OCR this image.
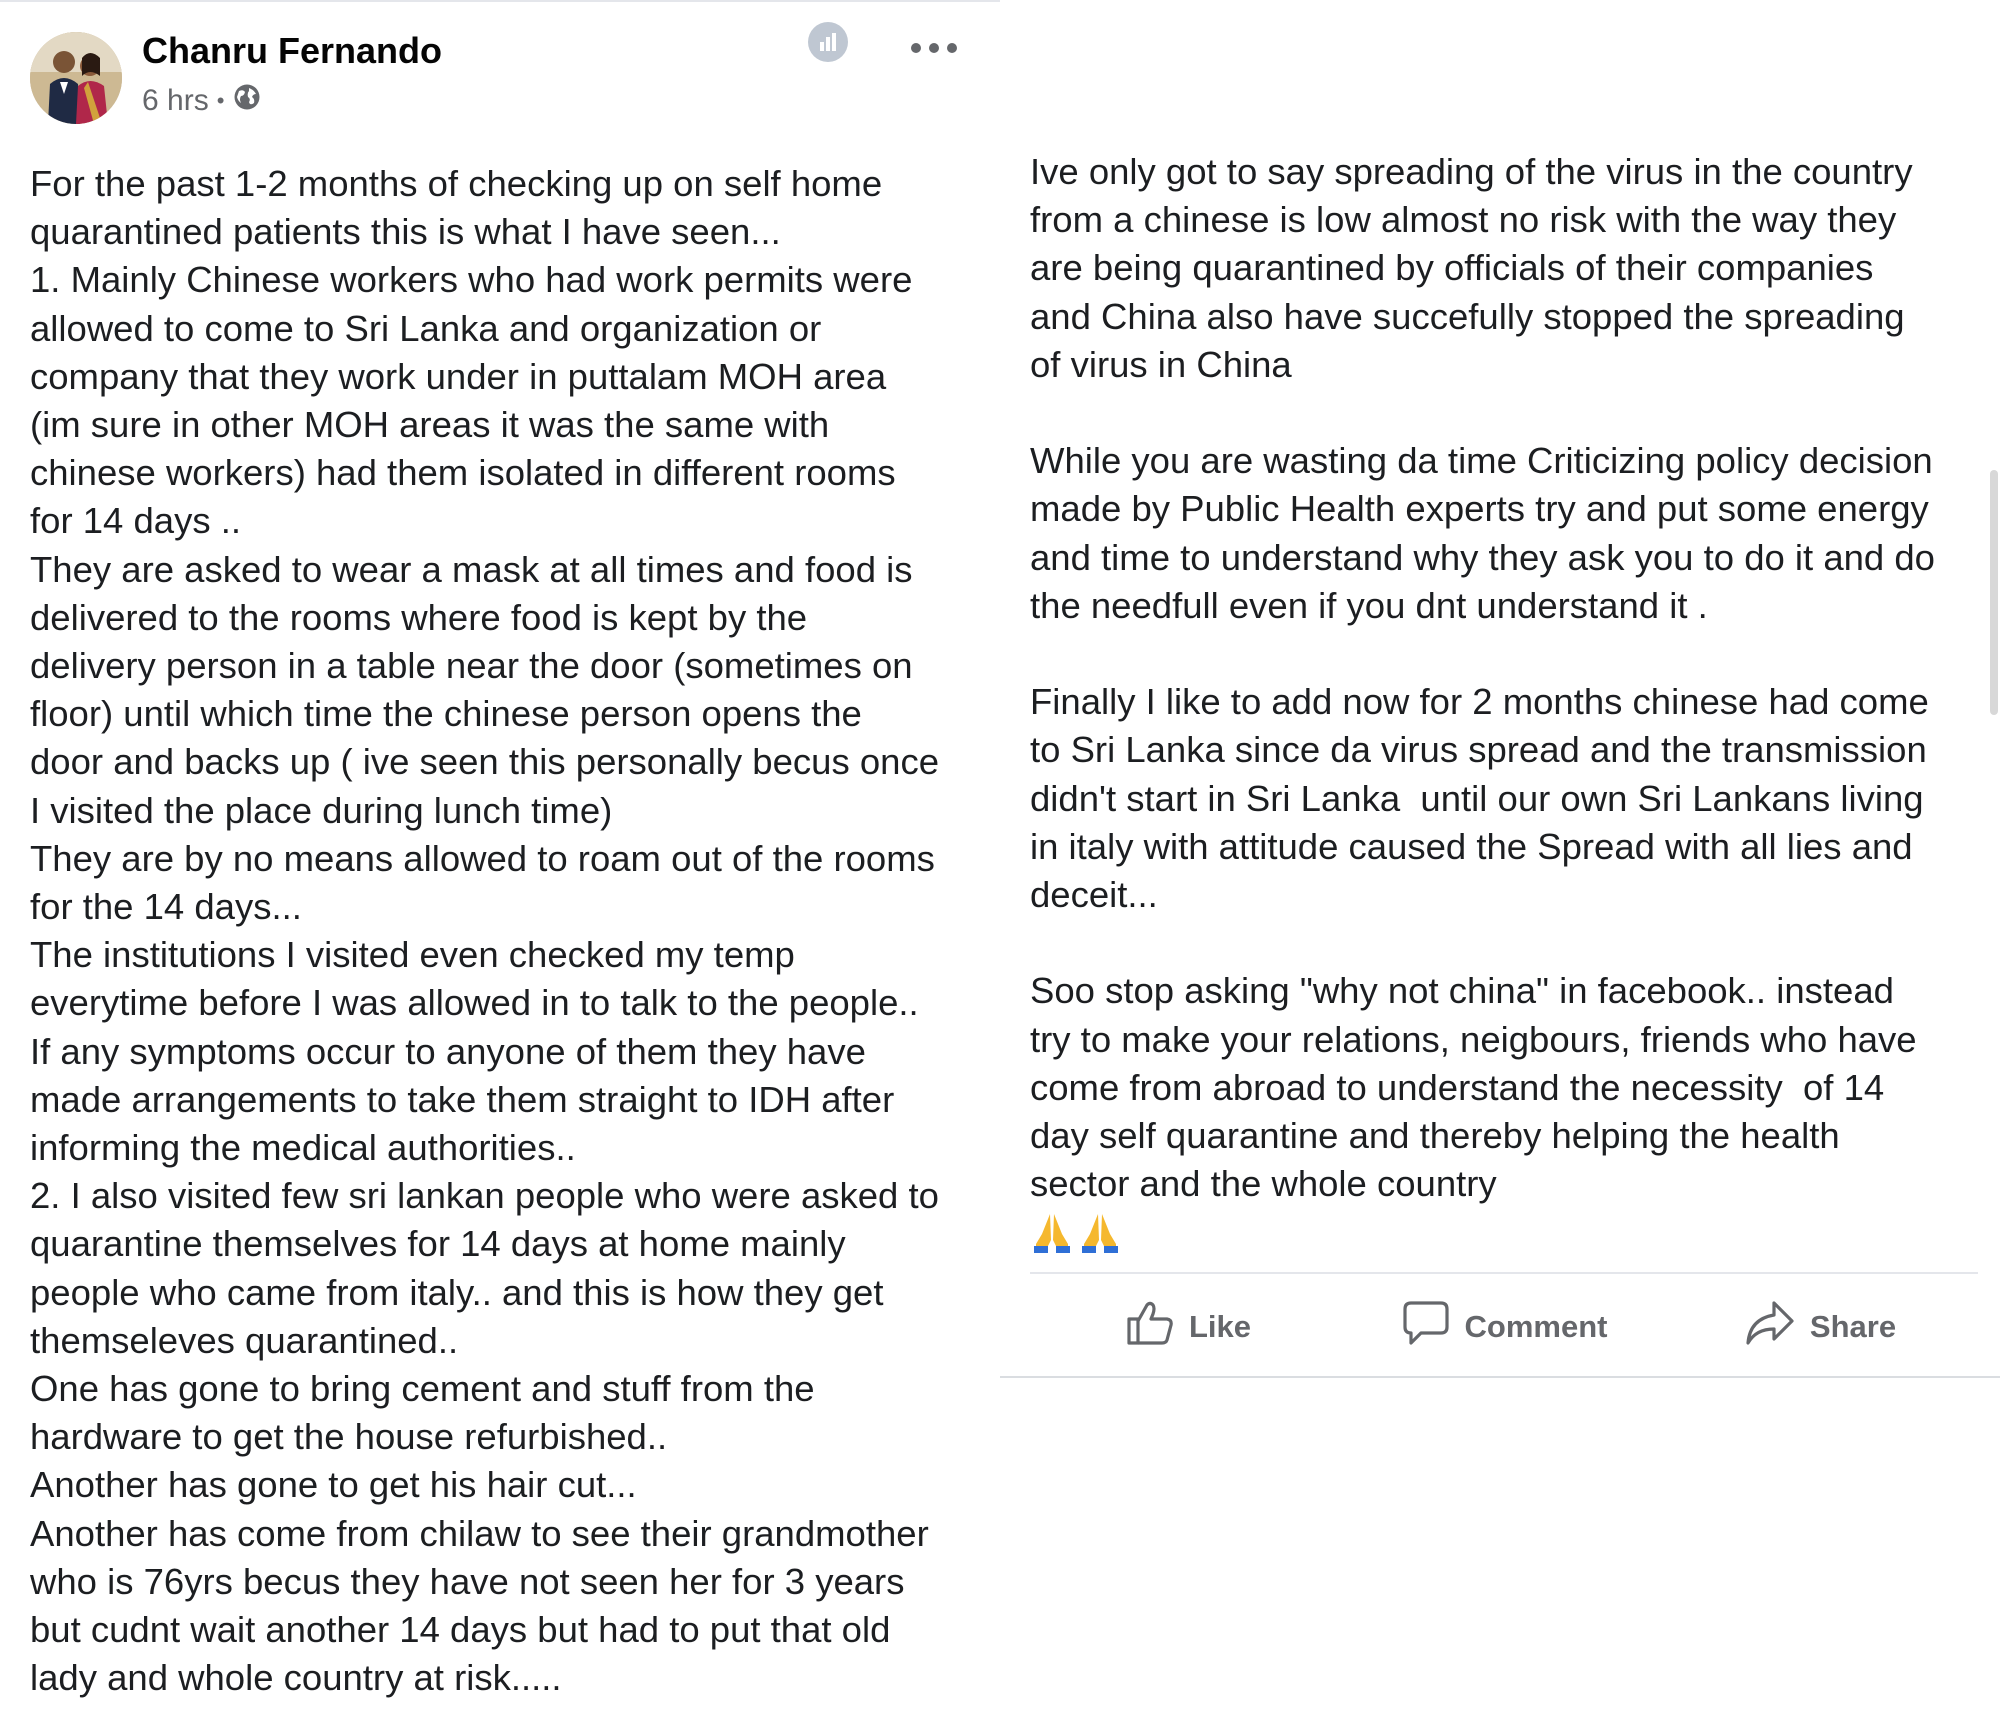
Chanru Fernando
6 hrs •

For the past 1-2 months of checking up on self home
quarantined patients this is what I have seen...
1. Mainly Chinese workers who had work permits were
allowed to come to Sri Lanka and organization or
company that they work under in puttalam MOH area
(im sure in other MOH areas it was the same with
chinese workers) had them isolated in different rooms
for 14 days ..
They are asked to wear a mask at all times and food is
delivered to the rooms where food is kept by the
delivery person in a table near the door (sometimes on
floor) until which time the chinese person opens the
door and backs up ( ive seen this personally becus once
I visited the place during lunch time)
They are by no means allowed to roam out of the rooms
for the 14 days...
The institutions I visited even checked my temp
everytime before I was allowed in to talk to the people..
If any symptoms occur to anyone of them they have
made arrangements to take them straight to IDH after
informing the medical authorities..
2. I also visited few sri lankan people who were asked to
quarantine themselves for 14 days at home mainly
people who came from italy.. and this is how they get
themseleves quarantined..
One has gone to bring cement and stuff from the
hardware to get the house refurbished..
Another has gone to get his hair cut...
Another has come from chilaw to see their grandmother
who is 76yrs becus they have not seen her for 3 years
but cudnt wait another 14 days but had to put that old
lady and whole country at risk.....

Ive only got to say spreading of the virus in the country
from a chinese is low almost no risk with the way they
are being quarantined by officials of their companies
and China also have succefully stopped the spreading
of virus in China

While you are wasting da time Criticizing policy decision
made by Public Health experts try and put some energy
and time to understand why they ask you to do it and do
the needfull even if you dnt understand it .

Finally I like to add now for 2 months chinese had come
to Sri Lanka since da virus spread and the transmission
didn't start in Sri Lanka  until our own Sri Lankans living
in italy with attitude caused the Spread with all lies and
deceit...

Soo stop asking "why not china" in facebook.. instead
try to make your relations, neigbours, friends who have
come from abroad to understand the necessity  of 14
day self quarantine and thereby helping the health
sector and the whole country

Like	Comment	Share
